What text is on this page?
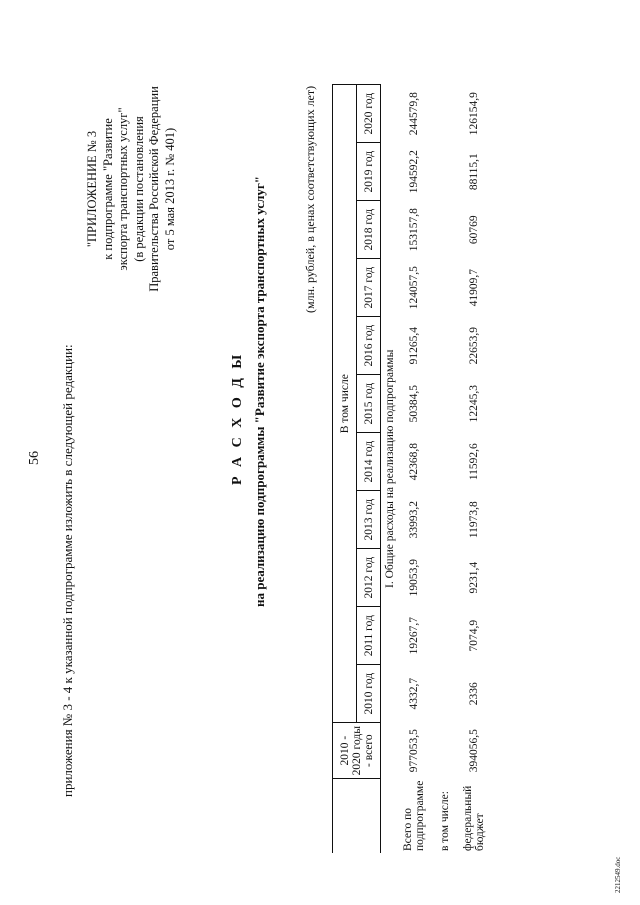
56 приложения № 3 - 4 к указанной подпрограмме изложить в следующей редакции:
"ПРИЛОЖЕНИЕ № 3 к подпрограмме "Развитие экспорта транспортных услуг" (в редакции постановления Правительства Российской Федерации от 5 мая 2013 г. № 401)
Р А С Х О Д Ы на реализацию подпрограммы "Развитие экспорта транспортных услуг"	(млн. рублей, в ценах соответствующих лет)
	2010 - 2020 годы - всего	В том числе										
		2010 год	2011 год	2012 год	2013 год	2014 год	2015 год	2016 год	2017 год	2018 год	2019 год	2020 год
I. Общие расходы на реализацию подпрограммы												
Всего по подпрограмме	977053,5	4332,7	19267,7	19053,9	33993,2	42368,8	50384,5	91265,4	124057,5	153157,8	194592,2	244579,8
в том числе:												
федеральный бюджет	394056,5	2336	7074,9	9231,4	11973,8	11592,6	12245,3	22653,9	41909,7	60769	88115,1	126154,9
2212549.doc
